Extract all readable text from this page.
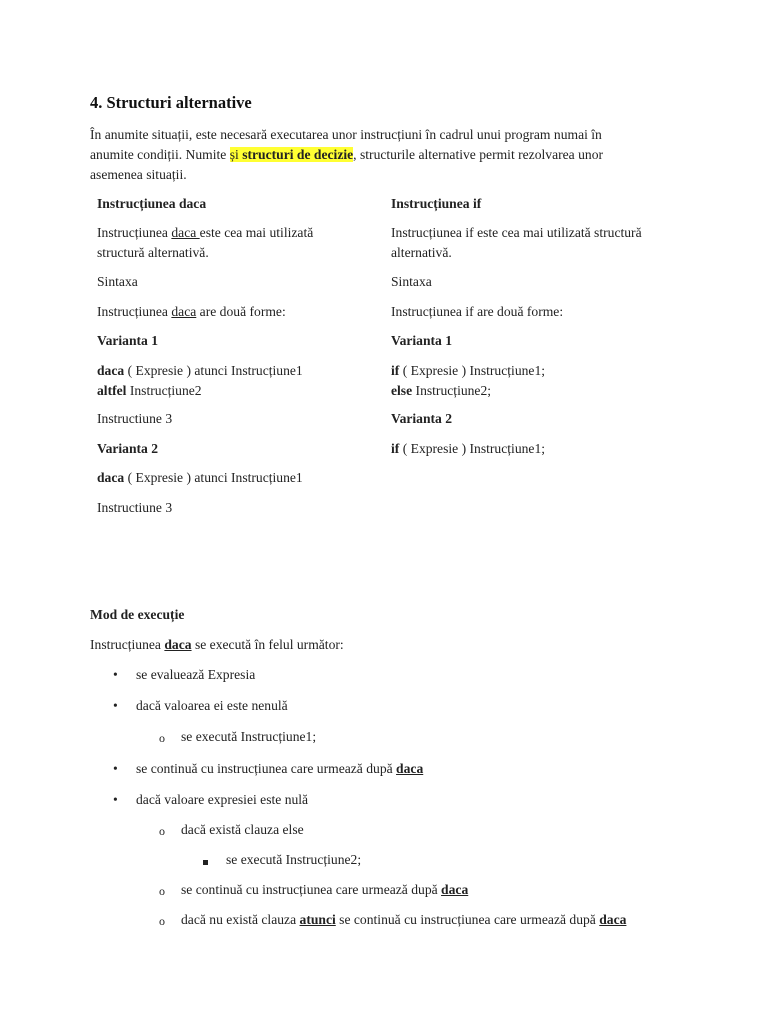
4. Structuri alternative
În anumite situații, este necesară executarea unor instrucțiuni în cadrul unui program numai în
anumite condiții. Numite și structuri de decizie, structurile alternative permit rezolvarea unor
asemenea situații.
Instrucțiunea daca
Instrucțiunea daca este cea mai utilizată
structură alternativă.
Sintaxa
Instrucțiunea daca are două forme:
Varianta 1
daca ( Expresie ) atunci Instrucțiune1
altfel Instrucțiune2
Instructiune 3
Varianta 2
daca ( Expresie ) atunci Instrucțiune1
Instructiune 3
Instrucțiunea if
Instrucțiunea if este cea mai utilizată structură
alternativă.
Sintaxa
Instrucțiunea if are două forme:
Varianta 1
if ( Expresie ) Instrucțiune1;
else Instrucțiune2;
Varianta 2
if ( Expresie ) Instrucțiune1;
Mod de execuție
Instrucțiunea daca se execută în felul următor:
• se evaluează Expresia
• dacă valoarea ei este nenulă
o se execută Instrucțiune1;
• se continuă cu instrucțiunea care urmează după daca
• dacă valoare expresiei este nulă
o dacă există clauza else
se execută Instrucțiune2;
o se continuă cu instrucțiunea care urmează după daca
o dacă nu există clauza atunci se continuă cu instrucțiunea care urmează după daca
